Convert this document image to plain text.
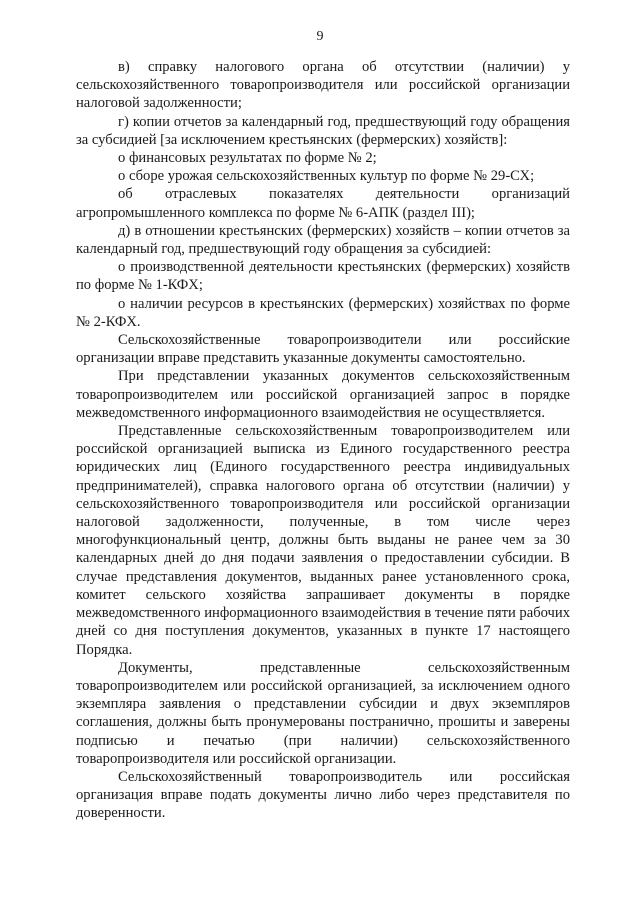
9

в) справку налогового органа об отсутствии (наличии) у сельскохозяйственного товаропроизводителя или российской организации налоговой задолженности;

г) копии отчетов за календарный год, предшествующий году обращения за субсидией [за исключением крестьянских (фермерских) хозяйств]:

о финансовых результатах по форме № 2;

о сборе урожая сельскохозяйственных культур по форме № 29-СХ;

об отраслевых показателях деятельности организаций агропромышленного комплекса по форме № 6-АПК (раздел III);

д) в отношении крестьянских (фермерских) хозяйств – копии отчетов за календарный год, предшествующий году обращения за субсидией:

о производственной деятельности крестьянских (фермерских) хозяйств по форме № 1-КФХ;

о наличии ресурсов в крестьянских (фермерских) хозяйствах по форме № 2-КФХ.

Сельскохозяйственные товаропроизводители или российские организации вправе представить указанные документы самостоятельно.

При представлении указанных документов сельскохозяйственным товаропроизводителем или российской организацией запрос в порядке межведомственного информационного взаимодействия не осуществляется.

Представленные сельскохозяйственным товаропроизводителем или российской организацией выписка из Единого государственного реестра юридических лиц (Единого государственного реестра индивидуальных предпринимателей), справка налогового органа об отсутствии (наличии) у сельскохозяйственного товаропроизводителя или российской организации налоговой задолженности, полученные, в том числе через многофункциональный центр, должны быть выданы не ранее чем за 30 календарных дней до дня подачи заявления о предоставлении субсидии. В случае представления документов, выданных ранее установленного срока, комитет сельского хозяйства запрашивает документы в порядке межведомственного информационного взаимодействия в течение пяти рабочих дней со дня поступления документов, указанных в пункте 17 настоящего Порядка.

Документы, представленные сельскохозяйственным товаропроизводителем или российской организацией, за исключением одного экземпляра заявления о представлении субсидии и двух экземпляров соглашения, должны быть пронумерованы постранично, прошиты и заверены подписью и печатью (при наличии) сельскохозяйственного товаропроизводителя или российской организации.

Сельскохозяйственный товаропроизводитель или российская организация вправе подать документы лично либо через представителя по доверенности.
